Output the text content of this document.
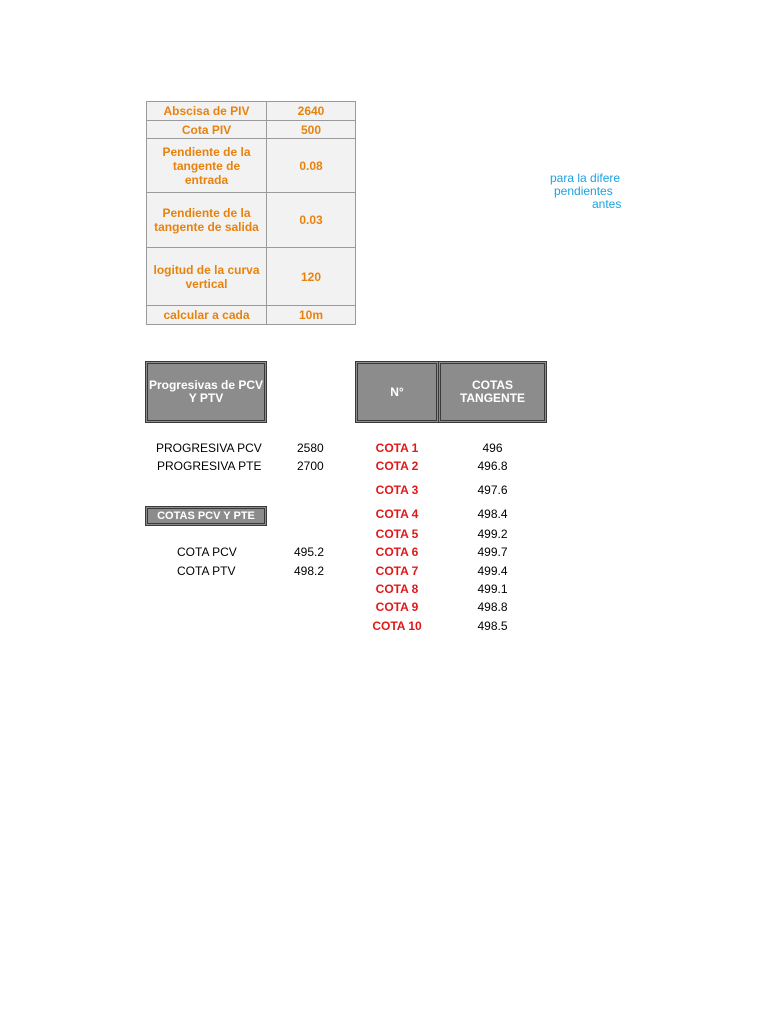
Abscisa de PIV	2640
Cota PIV	500
Pendiente de la tangente de entrada	0.08
Pendiente de la tangente de salida	0.03
logitud de la curva vertical	120
calcular a cada	10m
para la difere
pendientes
antes
Progresivas de PCV Y PTV	N°	COTAS TANGENTE
PROGRESIVA PCV	2580
PROGRESIVA PTE	2700
COTAS PCV Y PTE
COTA PCV	495.2
COTA PTV	498.2
COTA 1	496
COTA 2	496.8
COTA 3	497.6
COTA 4	498.4
COTA 5	499.2
COTA 6	499.7
COTA 7	499.4
COTA 8	499.1
COTA 9	498.8
COTA 10	498.5
